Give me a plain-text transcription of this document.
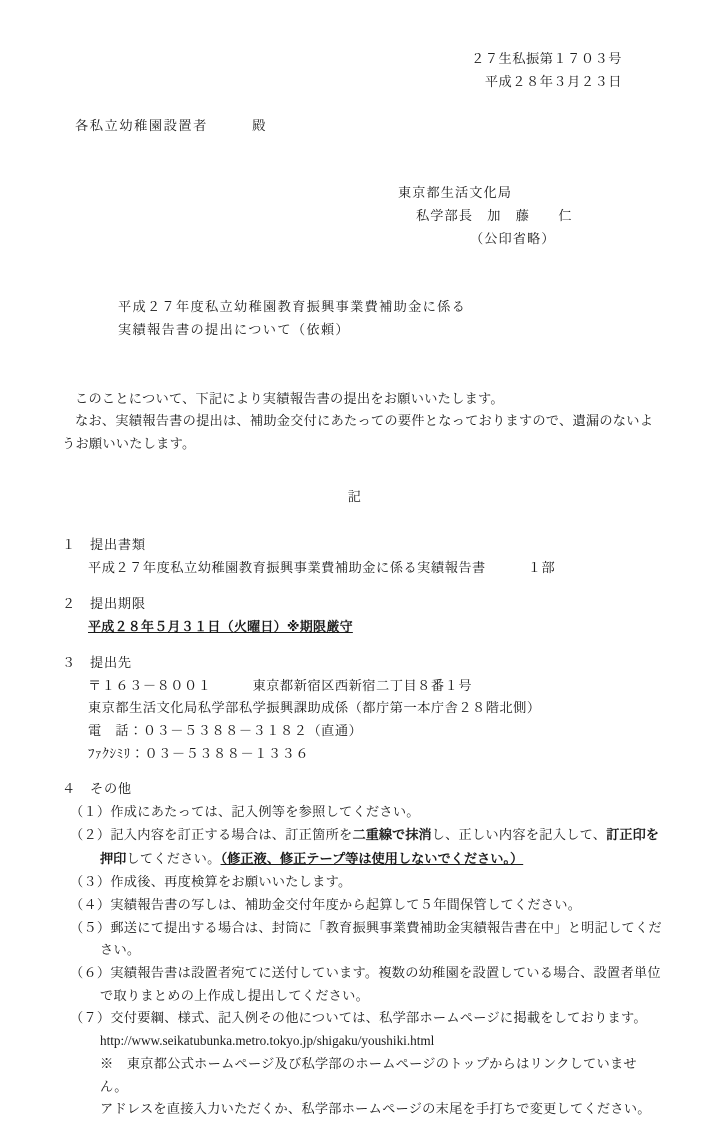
２７生私振第１７０３号
平成２８年３月２３日
各私立幼稚園設置者　　　殿
東京都生活文化局
私学部長　加　藤　　仁
（公印省略）
平成２７年度私立幼稚園教育振興事業費補助金に係る
実績報告書の提出について（依頼）

このことについて、下記により実績報告書の提出をお願いいたします。

なお、実績報告書の提出は、補助金交付にあたっての要件となっておりますので、遺漏のないよ

うお願いいたします。

記
１　 提出書類
平成２７年度私立幼稚園教育振興事業費補助金に係る実績報告書	１部
２　 提出期限
平成２８年５月３１日（火曜日）※期限厳守
３　 提出先
〒１６３－８００１　　　東京都新宿区西新宿二丁目８番１号
東京都生活文化局私学部私学振興課助成係（都庁第一本庁舎２８階北側）
電　話：０３－５３８８－３１８２（直通）
ﾌｧｸｼﾐﾘ：０３－５３８８－１３３６
４　 その他
（１）作成にあたっては、記入例等を参照してください。
（２）記入内容を訂正する場合は、訂正箇所を二重線で抹消し、正しい内容を記入して、訂正印を
押印してください。（修正液、修正テープ等は使用しないでください。）
（３）作成後、再度検算をお願いいたします。
（４）実績報告書の写しは、補助金交付年度から起算して５年間保管してください。
（５）郵送にて提出する場合は、封筒に「教育振興事業費補助金実績報告書在中」と明記してくだ
さい。
（６）実績報告書は設置者宛てに送付しています。複数の幼稚園を設置している場合、設置者単位
で取りまとめの上作成し提出してください。
（７）交付要綱、様式、記入例その他については、私学部ホームページに掲載をしております。
http://www.seikatubunka.metro.tokyo.jp/shigaku/youshiki.html
※　東京都公式ホームページ及び私学部のホームページのトップからはリンクしていません。
アドレスを直接入力いただくか、私学部ホームページの末尾を手打ちで変更してください。
